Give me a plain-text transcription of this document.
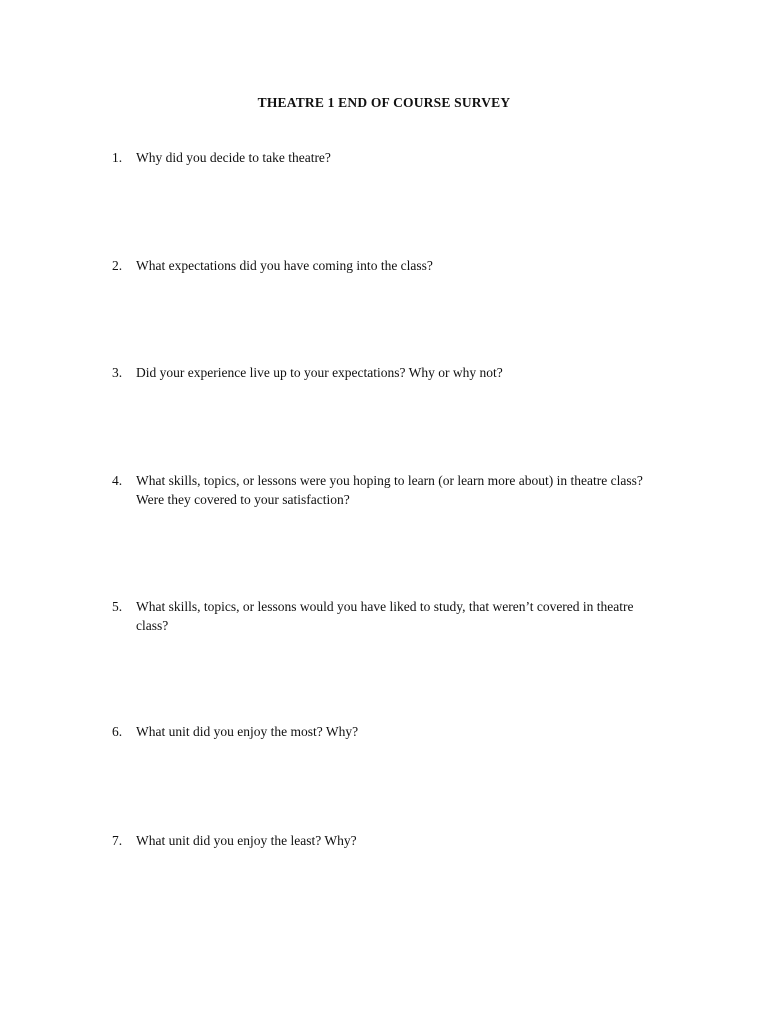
THEATRE 1 END OF COURSE SURVEY
1.	Why did you decide to take theatre?
2.	What expectations did you have coming into the class?
3.	Did your experience live up to your expectations? Why or why not?
4.	What skills, topics, or lessons were you hoping to learn (or learn more about) in theatre class? Were they covered to your satisfaction?
5.	What skills, topics, or lessons would you have liked to study, that weren’t covered in theatre class?
6.	What unit did you enjoy the most? Why?
7.	What unit did you enjoy the least? Why?
